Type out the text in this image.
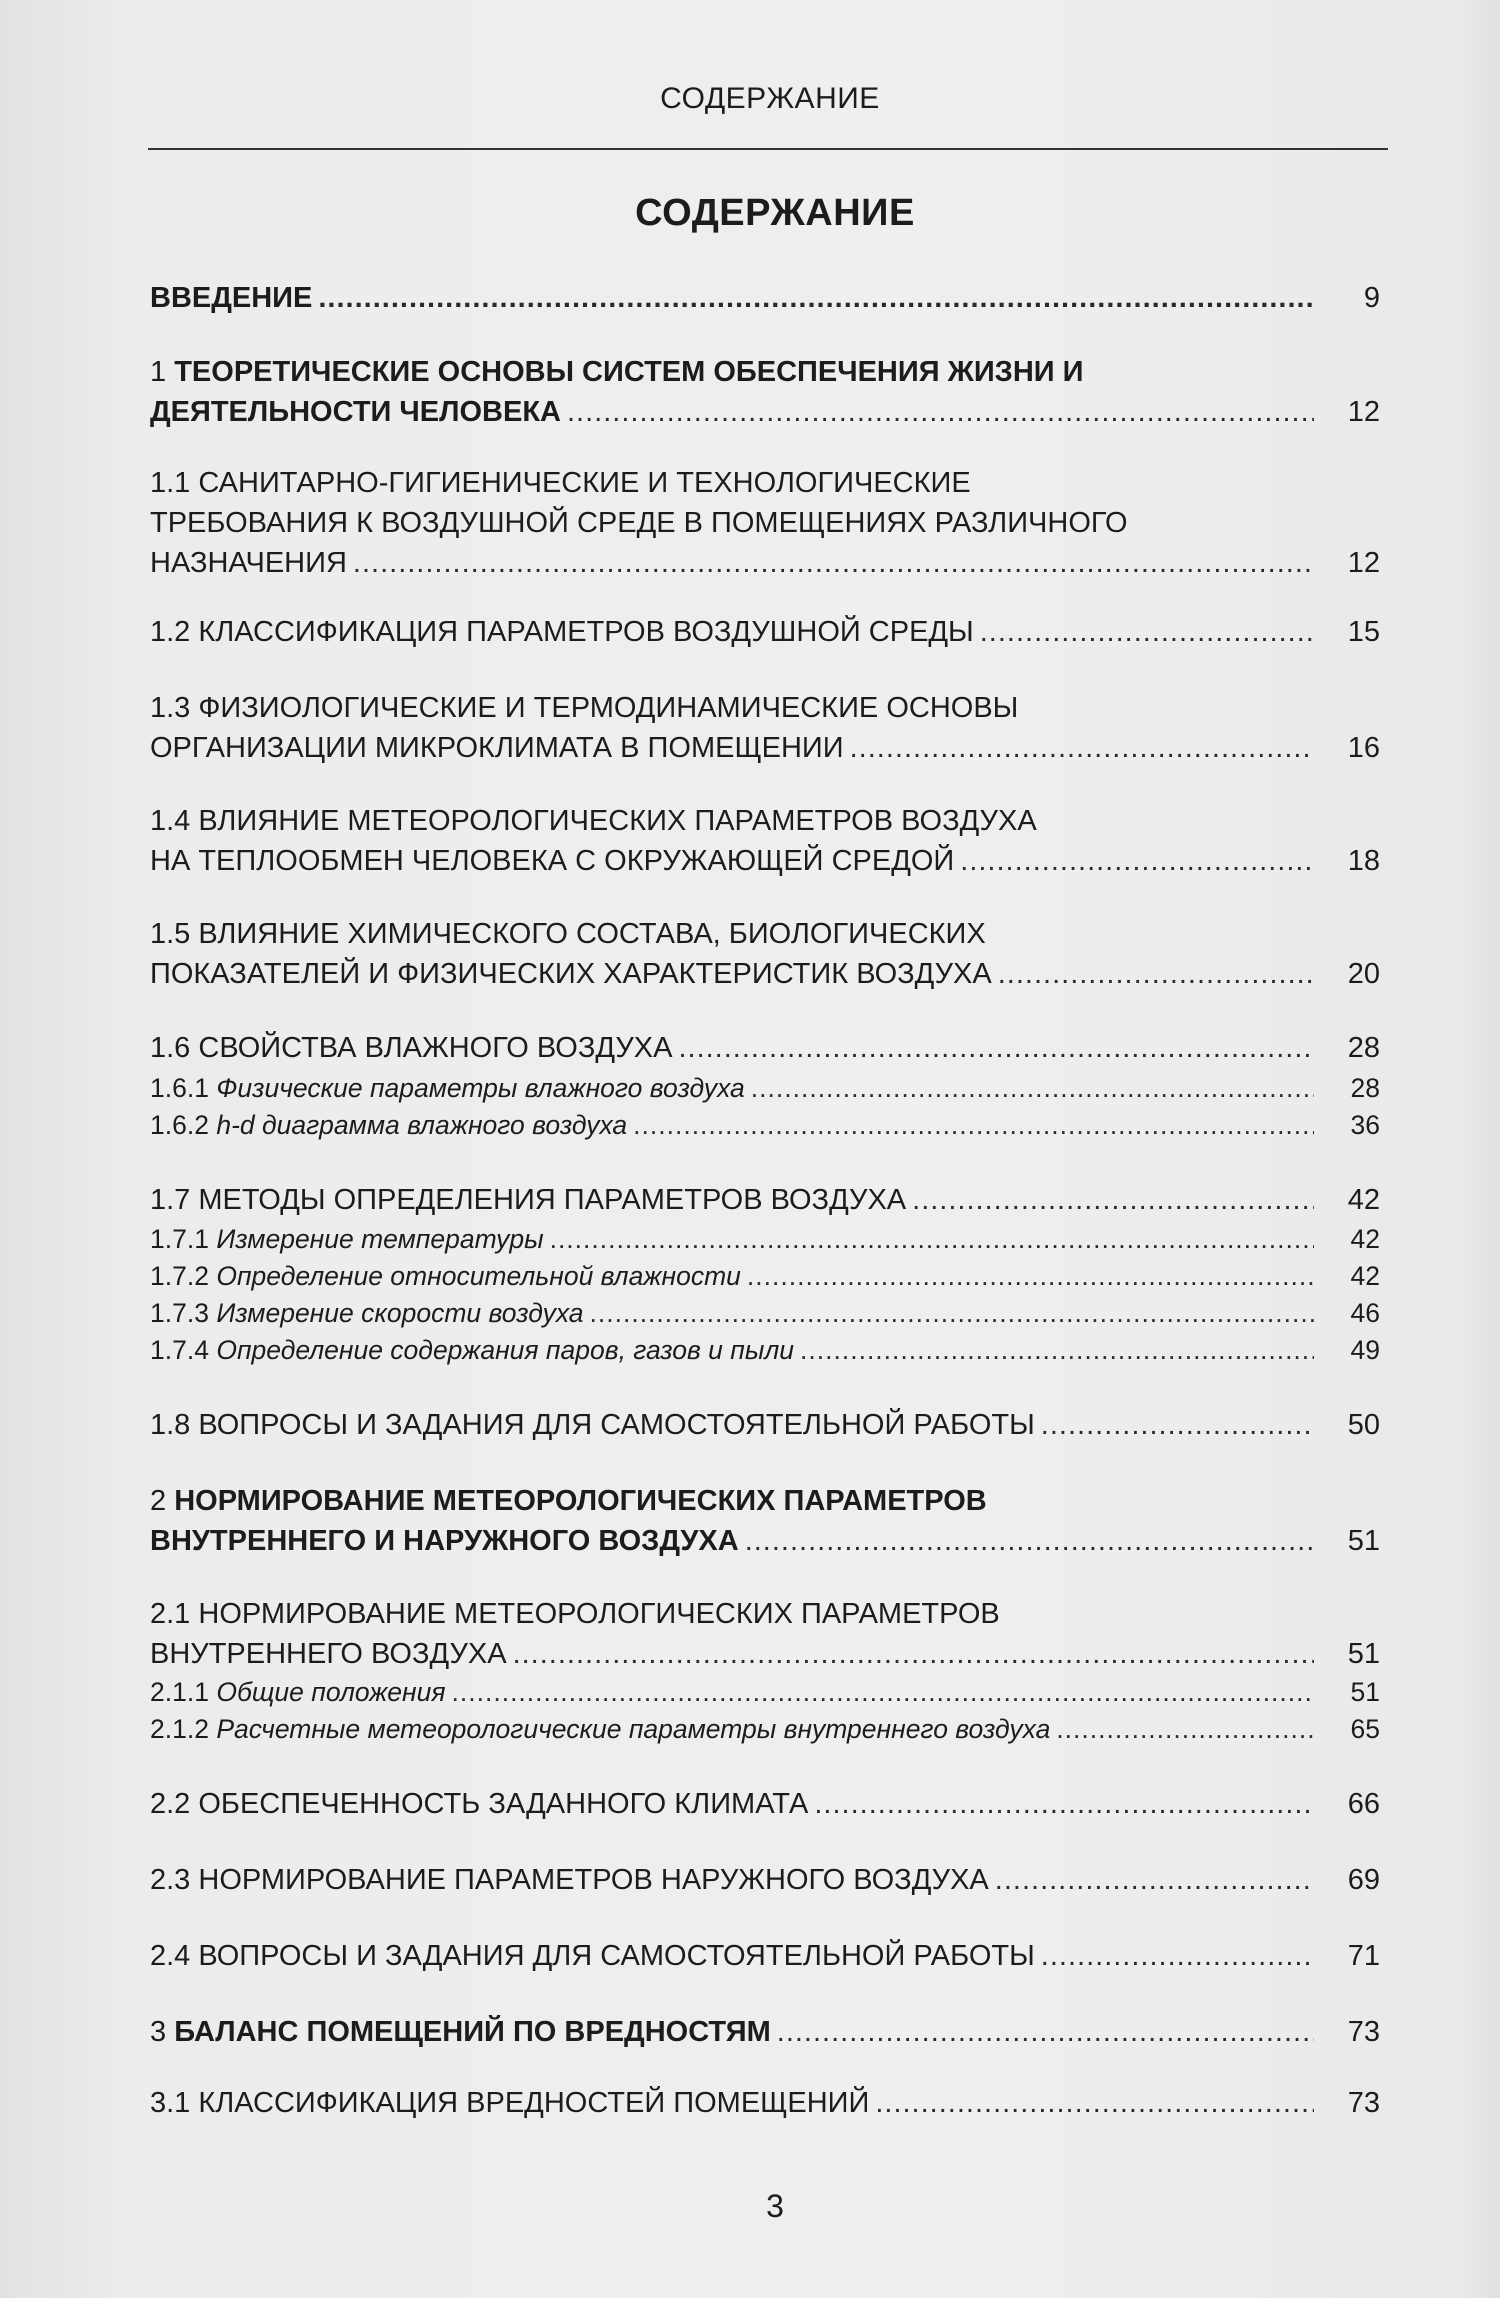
СОДЕРЖАНИЕ
СОДЕРЖАНИЕ
ВВЕДЕНИЕ .....	9
1 ТЕОРЕТИЧЕСКИЕ ОСНОВЫ СИСТЕМ ОБЕСПЕЧЕНИЯ ЖИЗНИ И
ДЕЯТЕЛЬНОСТИ ЧЕЛОВЕКА .....	12
1.1 САНИТАРНО-ГИГИЕНИЧЕСКИЕ И ТЕХНОЛОГИЧЕСКИЕ
ТРЕБОВАНИЯ К ВОЗДУШНОЙ СРЕДЕ В ПОМЕЩЕНИЯХ РАЗЛИЧНОГО
НАЗНАЧЕНИЯ .....	12
1.2 КЛАССИФИКАЦИЯ ПАРАМЕТРОВ ВОЗДУШНОЙ СРЕДЫ .....	15
1.3 ФИЗИОЛОГИЧЕСКИЕ И ТЕРМОДИНАМИЧЕСКИЕ ОСНОВЫ
ОРГАНИЗАЦИИ МИКРОКЛИМАТА В ПОМЕЩЕНИИ .....	16
1.4 ВЛИЯНИЕ МЕТЕОРОЛОГИЧЕСКИХ ПАРАМЕТРОВ ВОЗДУХА
НА ТЕПЛООБМЕН ЧЕЛОВЕКА С ОКРУЖАЮЩЕЙ СРЕДОЙ .....	18
1.5 ВЛИЯНИЕ ХИМИЧЕСКОГО СОСТАВА, БИОЛОГИЧЕСКИХ
ПОКАЗАТЕЛЕЙ И ФИЗИЧЕСКИХ ХАРАКТЕРИСТИК ВОЗДУХА .....	20
1.6 СВОЙСТВА ВЛАЖНОГО ВОЗДУХА .....	28
1.6.1 Физические параметры влажного воздуха .....	28
1.6.2 h-d диаграмма влажного воздуха .....	36
1.7 МЕТОДЫ ОПРЕДЕЛЕНИЯ ПАРАМЕТРОВ ВОЗДУХА .....	42
1.7.1 Измерение температуры .....	42
1.7.2 Определение относительной влажности .....	42
1.7.3 Измерение скорости воздуха .....	46
1.7.4 Определение содержания паров, газов и пыли .....	49
1.8 ВОПРОСЫ И ЗАДАНИЯ ДЛЯ САМОСТОЯТЕЛЬНОЙ РАБОТЫ .....	50
2 НОРМИРОВАНИЕ МЕТЕОРОЛОГИЧЕСКИХ ПАРАМЕТРОВ
ВНУТРЕННЕГО И НАРУЖНОГО ВОЗДУХА .....	51
2.1 НОРМИРОВАНИЕ МЕТЕОРОЛОГИЧЕСКИХ ПАРАМЕТРОВ
ВНУТРЕННЕГО ВОЗДУХА .....	51
2.1.1 Общие положения .....	51
2.1.2 Расчетные метеорологические параметры внутреннего воздуха .....	65
2.2 ОБЕСПЕЧЕННОСТЬ ЗАДАННОГО КЛИМАТА .....	66
2.3 НОРМИРОВАНИЕ ПАРАМЕТРОВ НАРУЖНОГО ВОЗДУХА .....	69
2.4 ВОПРОСЫ И ЗАДАНИЯ ДЛЯ САМОСТОЯТЕЛЬНОЙ РАБОТЫ .....	71
3 БАЛАНС ПОМЕЩЕНИЙ ПО ВРЕДНОСТЯМ .....	73
3.1 КЛАССИФИКАЦИЯ ВРЕДНОСТЕЙ ПОМЕЩЕНИЙ .....	73
3
